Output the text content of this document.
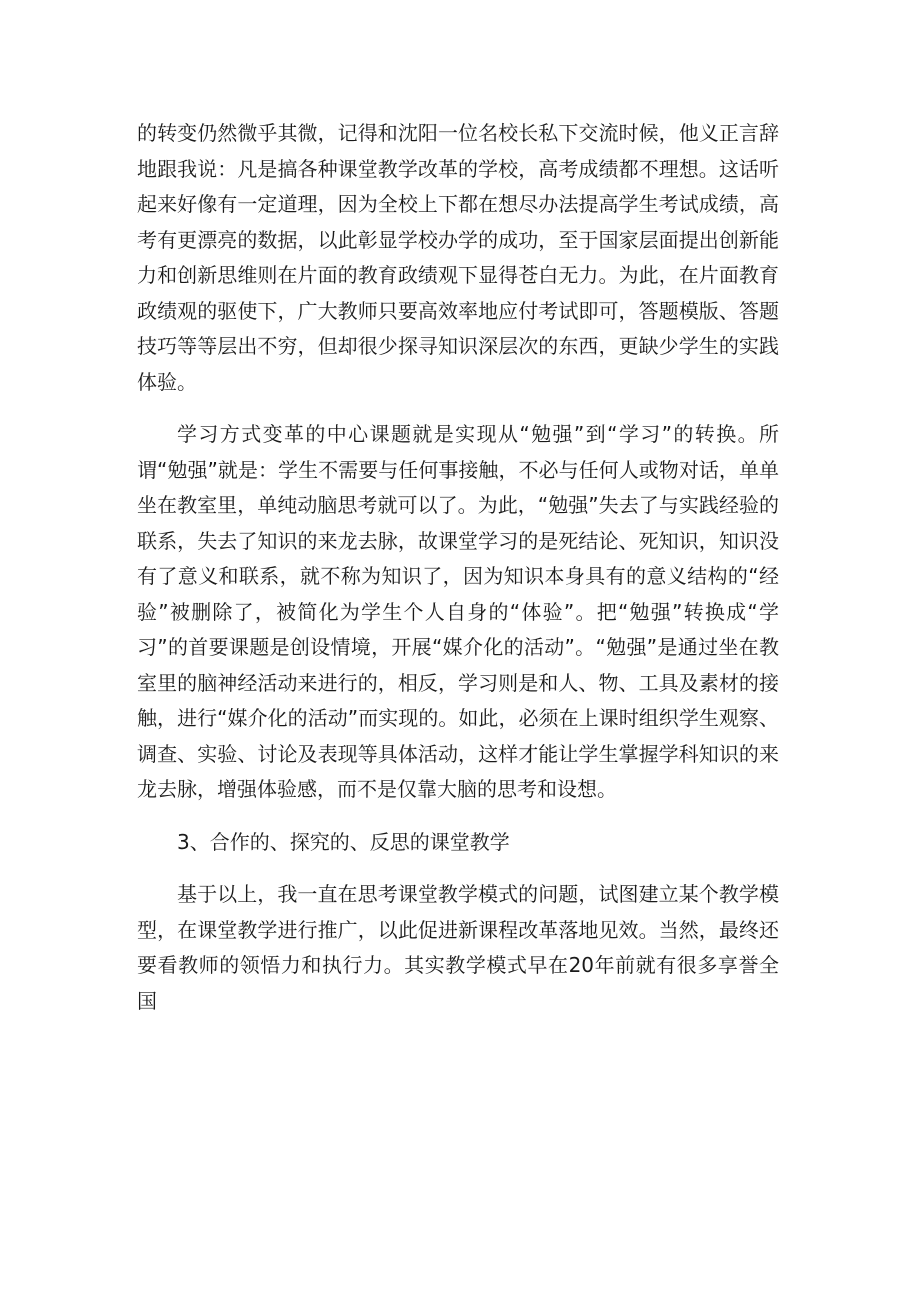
的转变仍然微乎其微，记得和沈阳一位名校长私下交流时候，他义正言辞地跟我说：凡是搞各种课堂教学改革的学校，高考成绩都不理想。这话听起来好像有一定道理，因为全校上下都在想尽办法提高学生考试成绩，高考有更漂亮的数据，以此彰显学校办学的成功，至于国家层面提出创新能力和创新思维则在片面的教育政绩观下显得苍白无力。为此，在片面教育政绩观的驱使下，广大教师只要高效率地应付考试即可，答题模版、答题技巧等等层出不穷，但却很少探寻知识深层次的东西，更缺少学生的实践体验。

学习方式变革的中心课题就是实现从“勉强”到“学习”的转换。所谓“勉强”就是：学生不需要与任何事接触，不必与任何人或物对话，单单坐在教室里，单纯动脑思考就可以了。为此，“勉强”失去了与实践经验的联系，失去了知识的来龙去脉，故课堂学习的是死结论、死知识，知识没有了意义和联系，就不称为知识了，因为知识本身具有的意义结构的“经验”被删除了，被简化为学生个人自身的“体验”。把“勉强”转换成“学习”的首要课题是创设情境，开展“媒介化的活动”。“勉强”是通过坐在教室里的脑神经活动来进行的，相反，学习则是和人、物、工具及素材的接触，进行“媒介化的活动”而实现的。如此，必须在上课时组织学生观察、调查、实验、讨论及表现等具体活动，这样才能让学生掌握学科知识的来龙去脉，增强体验感，而不是仅靠大脑的思考和设想。

3、合作的、探究的、反思的课堂教学

基于以上，我一直在思考课堂教学模式的问题，试图建立某个教学模型，在课堂教学进行推广，以此促进新课程改革落地见效。当然，最终还要看教师的领悟力和执行力。其实教学模式早在20年前就有很多享誉全国
